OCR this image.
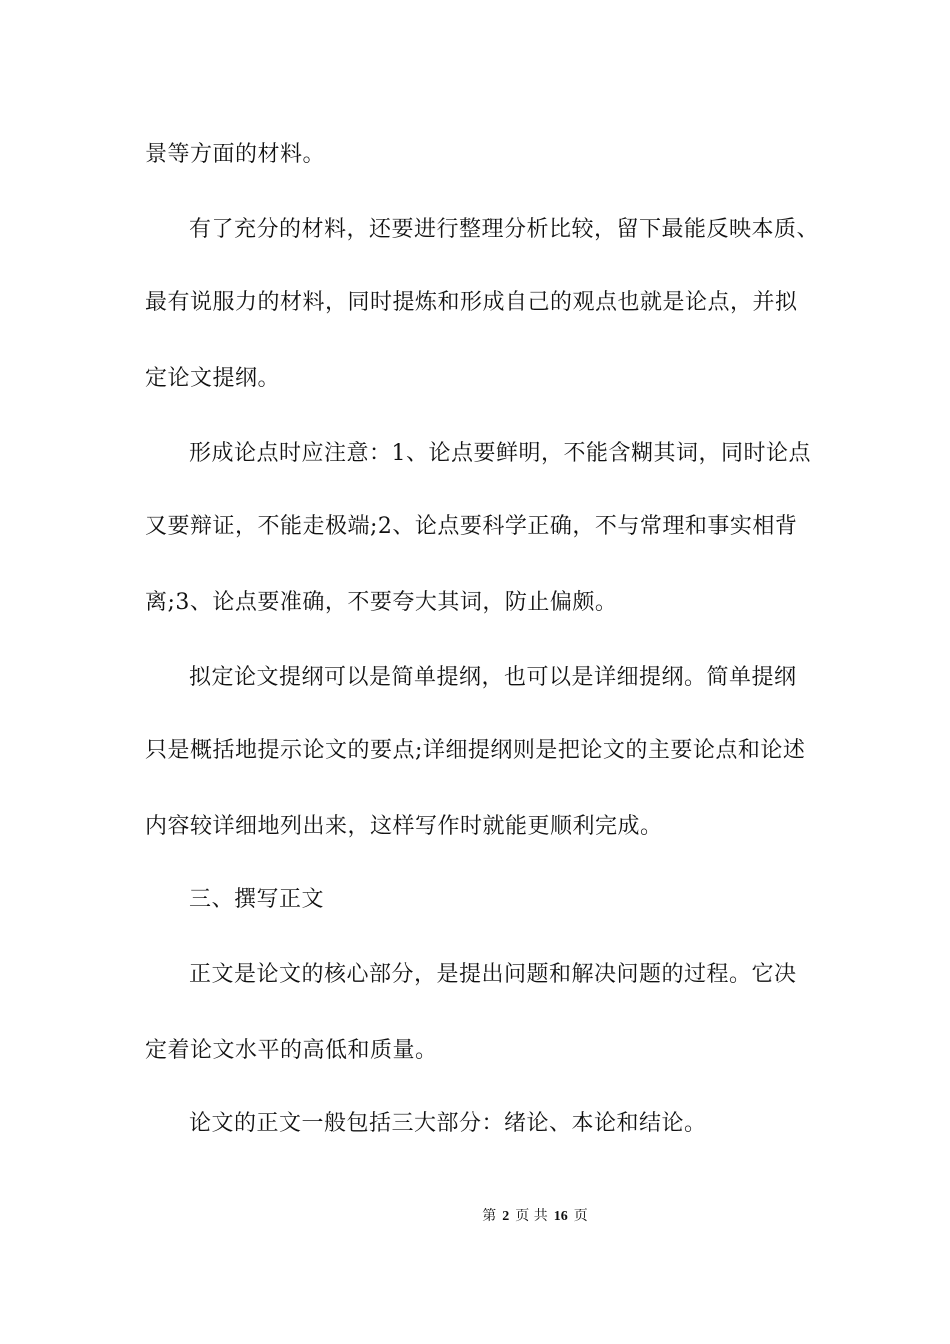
景等方面的材料。
有了充分的材料，还要进行整理分析比较，留下最能反映本质、
最有说服力的材料，同时提炼和形成自己的观点也就是论点，并拟
定论文提纲。
形成论点时应注意：1、论点要鲜明，不能含糊其词，同时论点
又要辩证，不能走极端;2、论点要科学正确，不与常理和事实相背
离;3、论点要准确，不要夸大其词，防止偏颇。
拟定论文提纲可以是简单提纲，也可以是详细提纲。简单提纲
只是概括地提示论文的要点;详细提纲则是把论文的主要论点和论述
内容较详细地列出来，这样写作时就能更顺利完成。
三、撰写正文
正文是论文的核心部分，是提出问题和解决问题的过程。它决
定着论文水平的高低和质量。
论文的正文一般包括三大部分：绪论、本论和结论。
第 2 页 共 16 页
